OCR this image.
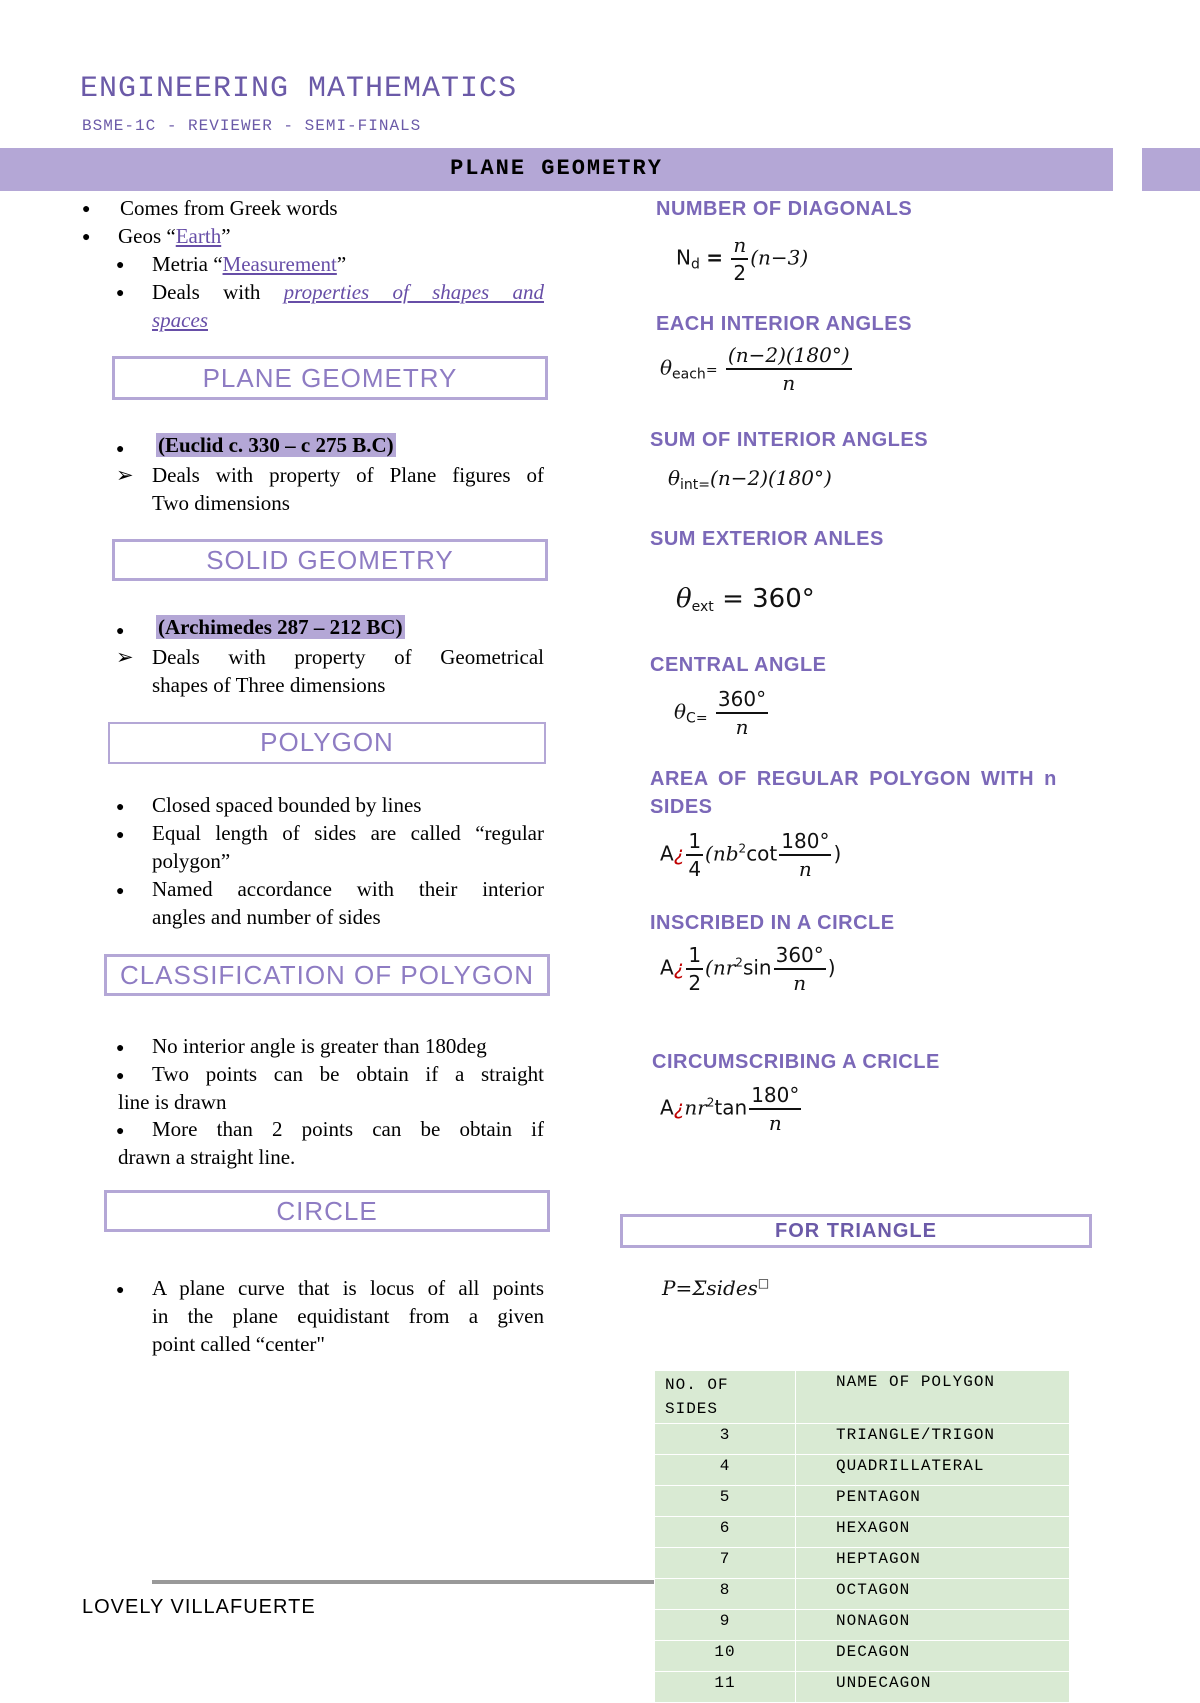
ENGINEERING MATHEMATICS
BSME-1C - REVIEWER - SEMI-FINALS
PLANE GEOMETRY
● Comes from Greek words
● Geos “Earth”
● Metria “Measurement”
● Deals with properties of shapes and
spaces
PLANE GEOMETRY
● (Euclid c. 330 – c 275 B.C)
➢ Deals with property of Plane figures of
Two dimensions
SOLID GEOMETRY
● (Archimedes 287 – 212 BC)
➢ Deals with property of Geometrical
shapes of Three dimensions
POLYGON
● Closed spaced bounded by lines
● Equal length of sides are called “regular
polygon”
● Named accordance with their interior
angles and number of sides
CLASSIFICATION OF POLYGON
● No interior angle is greater than 180deg
● Two points can be obtain if a straight
line is drawn
● More than 2 points can be obtain if
drawn a straight line.
CIRCLE
● A plane curve that is locus of all points
in the plane equidistant from a given
point called “center"
NUMBER OF DIAGONALS
$N_d = \frac{n}{2} (n-3)$
EACH INTERIOR ANGLES
$\theta_{each}= \frac{(n-2)(180^\circ)}{n}$
SUM OF INTERIOR ANGLES
$\theta_{int=}(n-2)(180^\circ)$
SUM EXTERIOR ANLES
$\theta_{ext} = 360^\circ$
CENTRAL ANGLE
$\theta_{C=} \frac{360^\circ}{n}$
AREA OF REGULAR POLYGON WITH n
SIDES
A¿ $\frac{1}{4} (nb^2\cot \frac{180^\circ}{n}$ )
INSCRIBED IN A CIRCLE
A¿ $\frac{1}{2} (nr^2\sin \frac{360^\circ}{n}$ )
CIRCUMSCRIBING A CRICLE
$A¿nr^2\tan \frac{180^\circ}{n}$
FOR TRIANGLE
P=Σsides□
NO. OF
SIDES	NAME OF POLYGON
3	TRIANGLE/TRIGON
4	QUADRILLATERAL
5	PENTAGON
6	HEXAGON
7	HEPTAGON
8	OCTAGON
9	NONAGON
10	DECAGON
11	UNDECAGON
LOVELY VILLAFUERTE
